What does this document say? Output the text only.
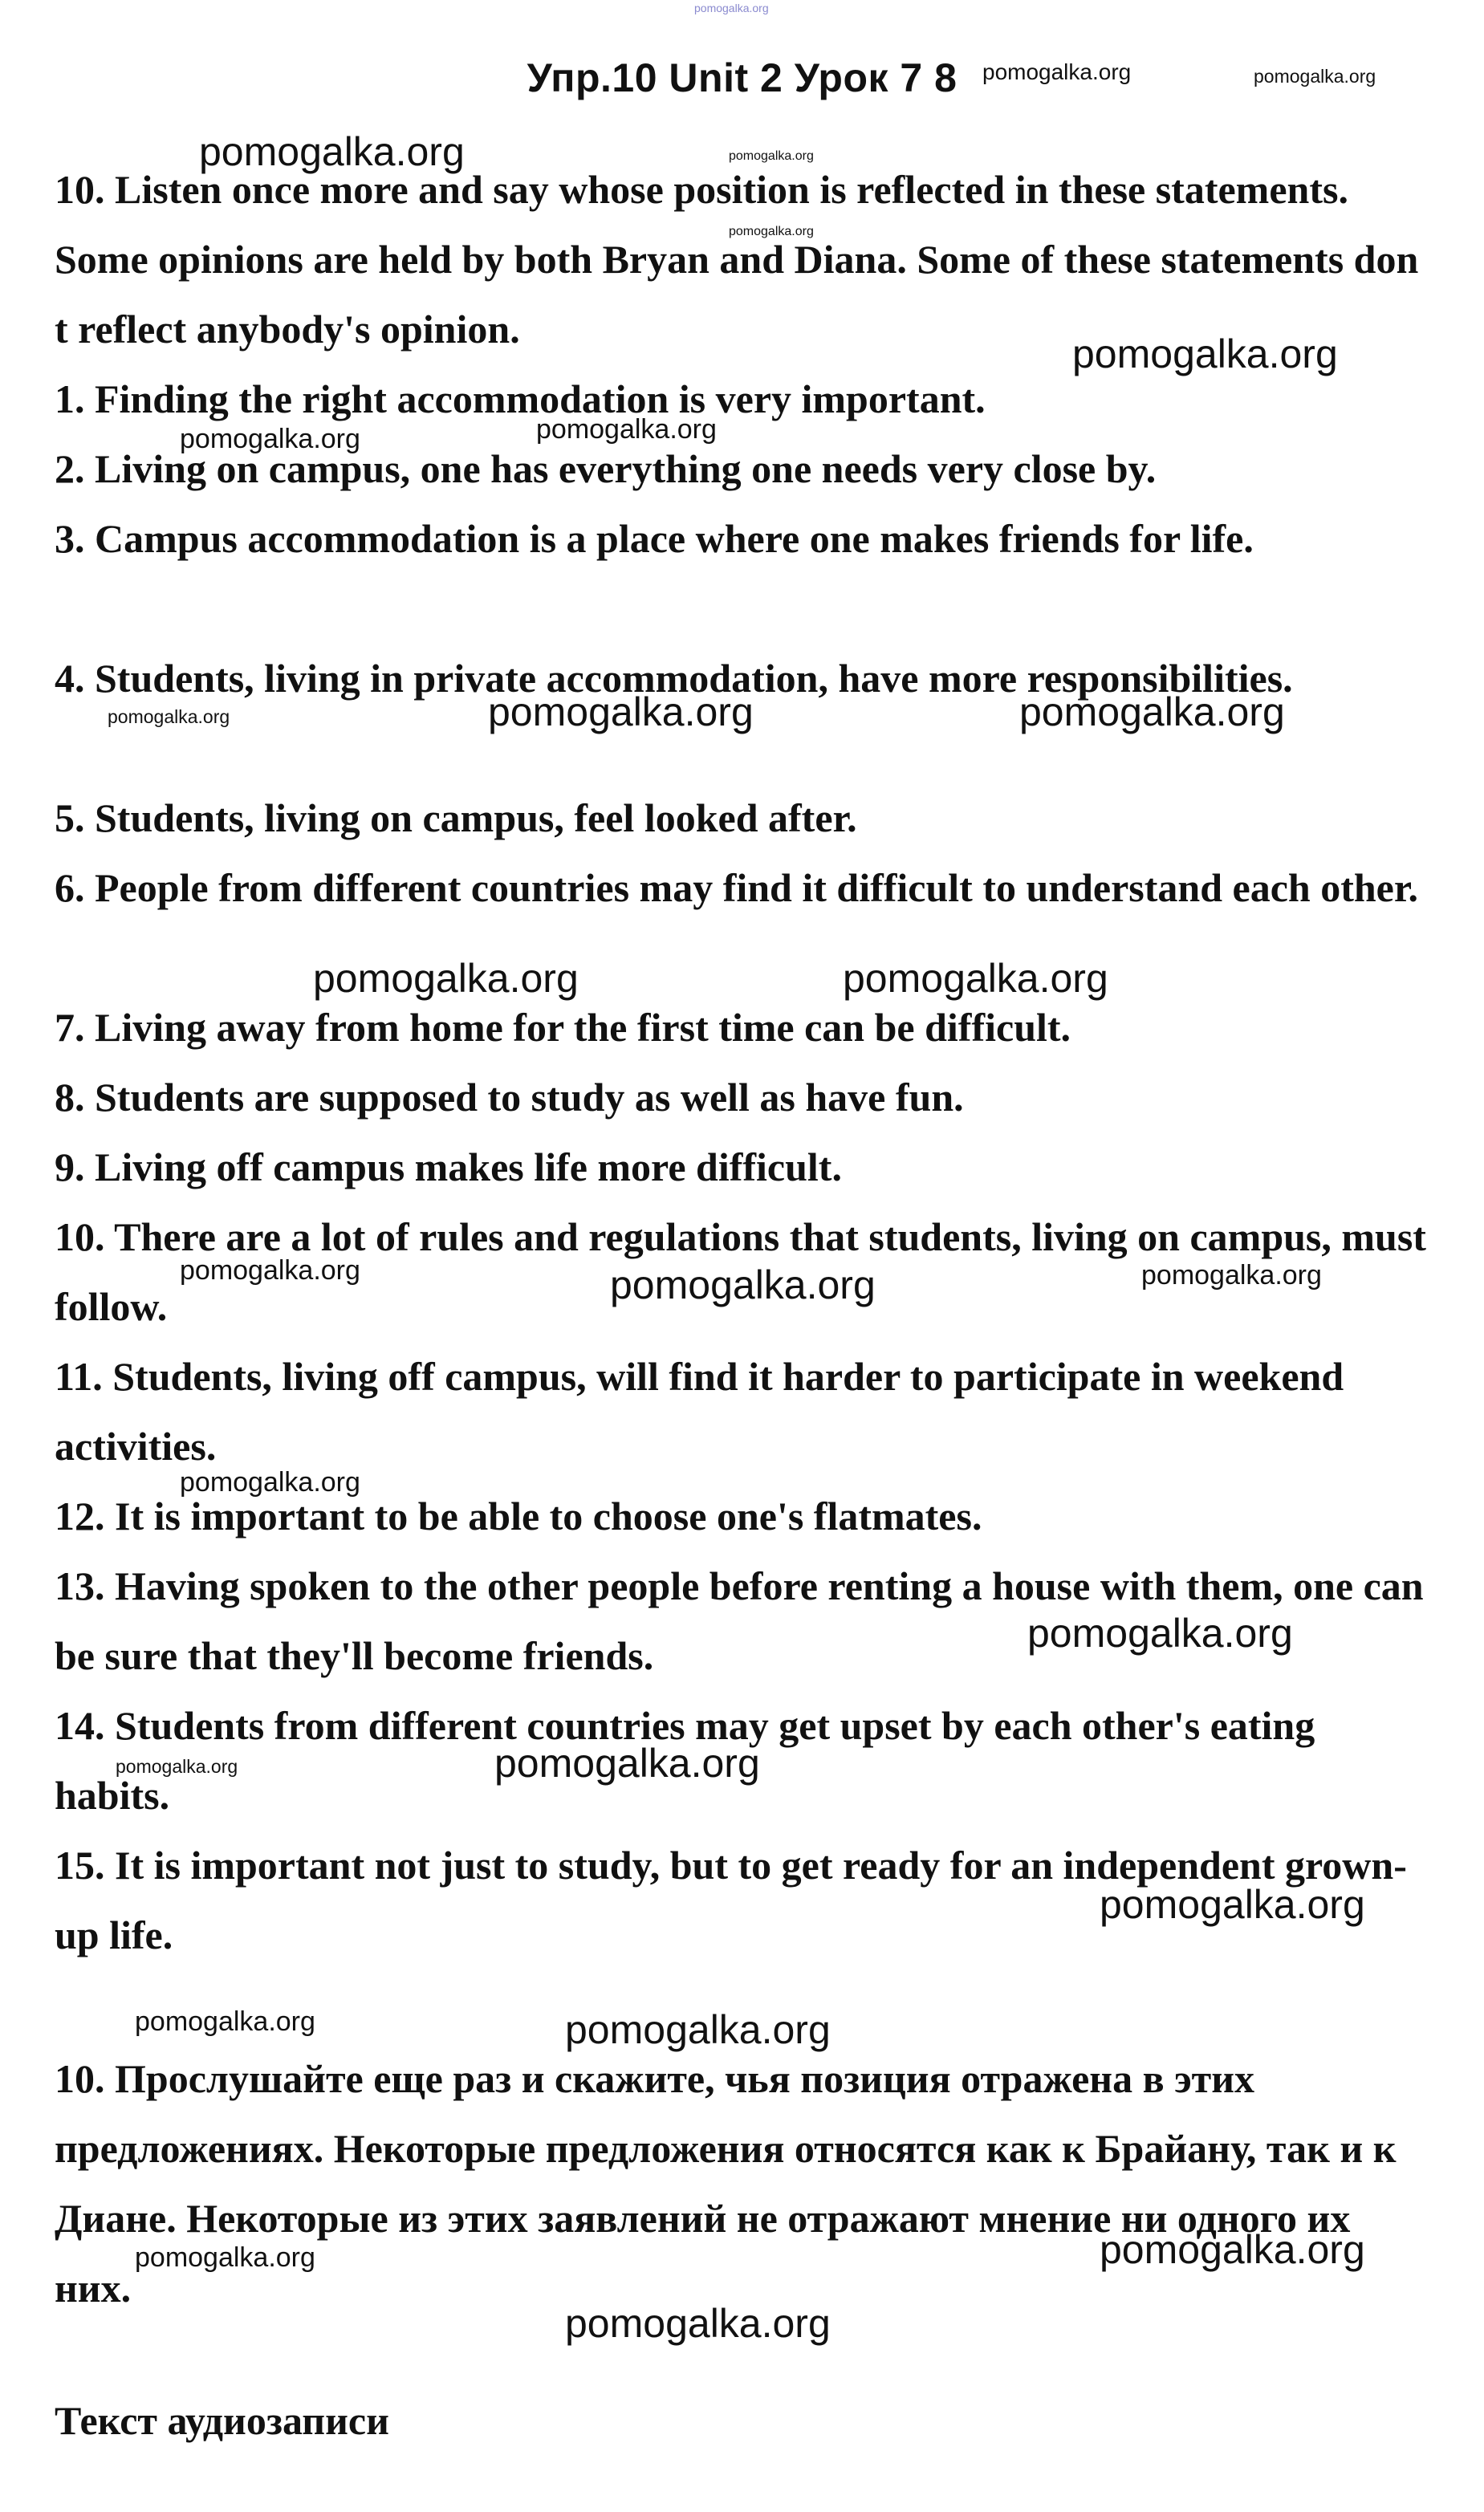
pomogalka.org
Упр.10 Unit 2 Урок 7 8

10. Listen once more and say whose position is reflected in these statements. Some opinions are held by both Bryan and Diana. Some of these statements don t reflect anybody's opinion.

1. Finding the right accommodation is very important.

2. Living on campus, one has everything one needs very close by.

3. Campus accommodation is a place where one makes friends for life.

4. Students, living in private accommodation, have more responsibilities.

5. Students, living on campus, feel looked after.

6. People from different countries may find it difficult to understand each other.

7. Living away from home for the first time can be difficult.

8. Students are supposed to study as well as have fun.

9. Living off campus makes life more difficult.

10. There are a lot of rules and regulations that students, living on campus, must follow.

11. Students, living off campus, will find it harder to participate in weekend activities.

12. It is important to be able to choose one's flatmates.

13. Having spoken to the other people before renting a house with them, one can be sure that they'll become friends.

14. Students from different countries may get upset by each other's eating habits.

15. It is important not just to study, but to get ready for an independent grown-up life.

10. Прослушайте еще раз и скажите, чья позиция отражена в этих предложениях. Некоторые предложения относятся как к Брайану, так и к Диане. Некоторые из этих заявлений не отражают мнение ни одного их них.

Текст аудиозаписи

pomogalka.org	pomogalka.org
pomogalka.org	pomogalka.org
pomogalka.org
pomogalka.org
pomogalka.org	pomogalka.org
pomogalka.org	pomogalka.org	pomogalka.org
pomogalka.org	pomogalka.org
pomogalka.org	pomogalka.org	pomogalka.org
pomogalka.org
pomogalka.org
pomogalka.org	pomogalka.org
pomogalka.org
pomogalka.org	pomogalka.org
pomogalka.org	pomogalka.org
pomogalka.org
